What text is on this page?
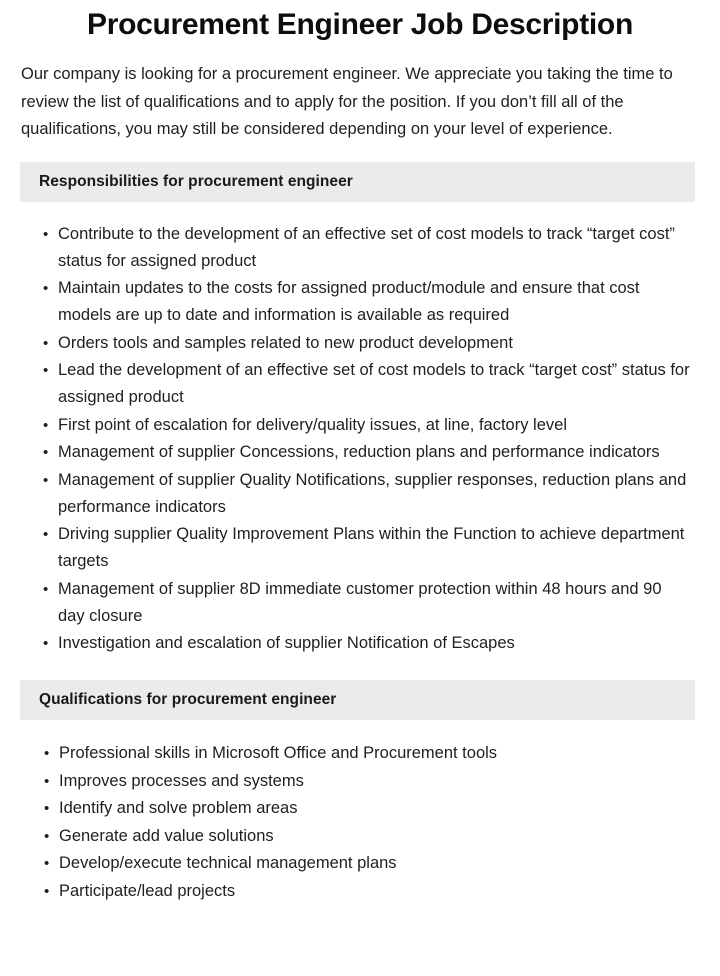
Procurement Engineer Job Description

Our company is looking for a procurement engineer. We appreciate you taking the time to review the list of qualifications and to apply for the position. If you don’t fill all of the qualifications, you may still be considered depending on your level of experience.

Responsibilities for procurement engineer
• Contribute to the development of an effective set of cost models to track “target cost” status for assigned product
• Maintain updates to the costs for assigned product/module and ensure that cost models are up to date and information is available as required
• Orders tools and samples related to new product development
• Lead the development of an effective set of cost models to track “target cost” status for assigned product
• First point of escalation for delivery/quality issues, at line, factory level
• Management of supplier Concessions, reduction plans and performance indicators
• Management of supplier Quality Notifications, supplier responses, reduction plans and performance indicators
• Driving supplier Quality Improvement Plans within the Function to achieve department targets
• Management of supplier 8D immediate customer protection within 48 hours and 90 day closure
• Investigation and escalation of supplier Notification of Escapes
Qualifications for procurement engineer
• Professional skills in Microsoft Office and Procurement tools
• Improves processes and systems
• Identify and solve problem areas
• Generate add value solutions
• Develop/execute technical management plans
• Participate/lead projects
